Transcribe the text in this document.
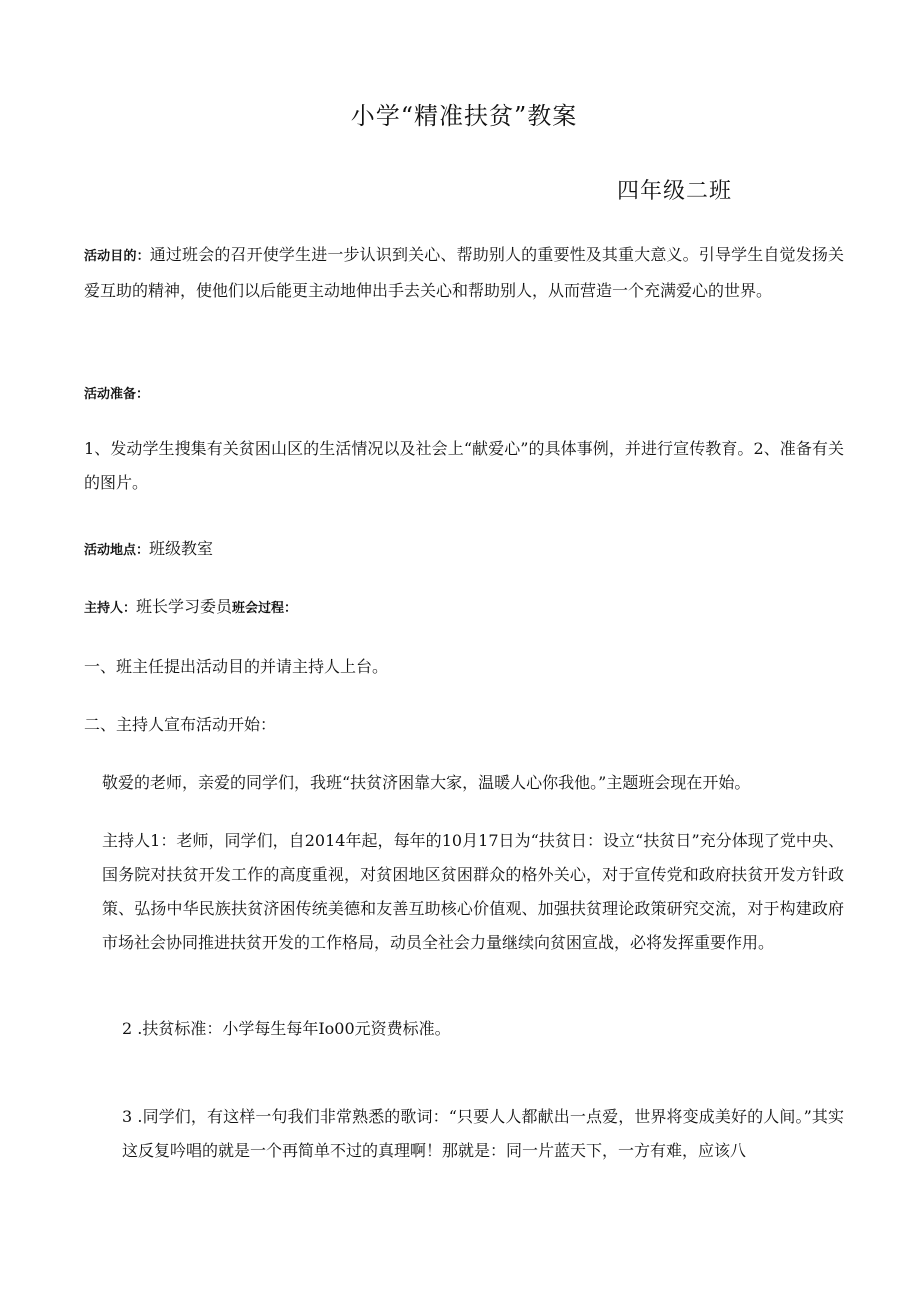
小学“精准扶贫”教案
四年级二班
活动目的：通过班会的召开使学生进一步认识到关心、帮助别人的重要性及其重大意义。引导学生自觉发扬关爱互助的精神，使他们以后能更主动地伸出手去关心和帮助别人，从而营造一个充满爱心的世界。
活动准备：
1、发动学生搜集有关贫困山区的生活情况以及社会上“献爱心”的具体事例，并进行宣传教育。2、准备有关的图片。
活动地点：班级教室
主持人：班长学习委员班会过程：
一、班主任提出活动目的并请主持人上台。
二、主持人宣布活动开始：
敬爱的老师，亲爱的同学们，我班“扶贫济困靠大家，温暖人心你我他。”主题班会现在开始。
主持人1：老师，同学们，自2014年起，每年的10月17日为“扶贫日：设立“扶贫日”充分体现了党中央、国务院对扶贫开发工作的高度重视，对贫困地区贫困群众的格外关心，对于宣传党和政府扶贫开发方针政策、弘扬中华民族扶贫济困传统美德和友善互助核心价值观、加强扶贫理论政策研究交流，对于构建政府市场社会协同推进扶贫开发的工作格局，动员全社会力量继续向贫困宣战，必将发挥重要作用。
2 .扶贫标准：小学每生每年Io00元资费标准。
3 .同学们，有这样一句我们非常熟悉的歌词：“只要人人都献出一点爱，世界将变成美好的人间。”其实这反复吟唱的就是一个再简单不过的真理啊！那就是：同一片蓝天下，一方有难，应该八
